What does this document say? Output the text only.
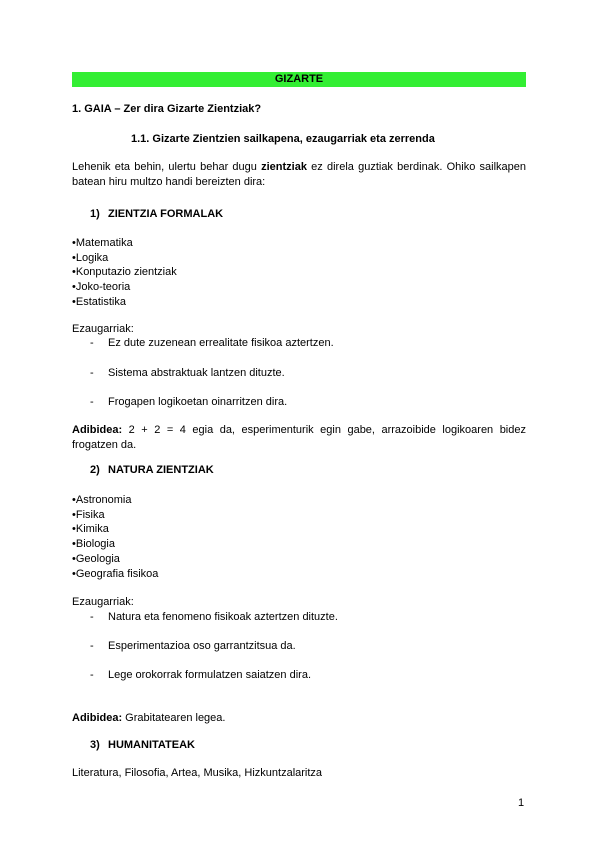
GIZARTE
1. GAIA – Zer dira Gizarte Zientziak?
1.1. Gizarte Zientzien sailkapena, ezaugarriak eta zerrenda
Lehenik eta behin, ulertu behar dugu zientziak ez direla guztiak berdinak. Ohiko sailkapen batean hiru multzo handi bereizten dira:
1) ZIENTZIA FORMALAK
•Matematika
•Logika
•Konputazio zientziak
•Joko-teoria
•Estatistika
Ezaugarriak:
- Ez dute zuzenean errealitate fisikoa aztertzen.
- Sistema abstraktuak lantzen dituzte.
- Frogapen logikoetan oinarritzen dira.
Adibidea: 2 + 2 = 4 egia da, esperimenturik egin gabe, arrazoibide logikoaren bidez frogatzen da.
2) NATURA ZIENTZIAK
•Astronomia
•Fisika
•Kimika
•Biologia
•Geologia
•Geografia fisikoa
Ezaugarriak:
- Natura eta fenomeno fisikoak aztertzen dituzte.
- Esperimentazioa oso garrantzitsua da.
- Lege orokorrak formulatzen saiatzen dira.
Adibidea: Grabitatearen legea.
3) HUMANITATEAK
Literatura, Filosofia, Artea, Musika, Hizkuntzalaritza
1
